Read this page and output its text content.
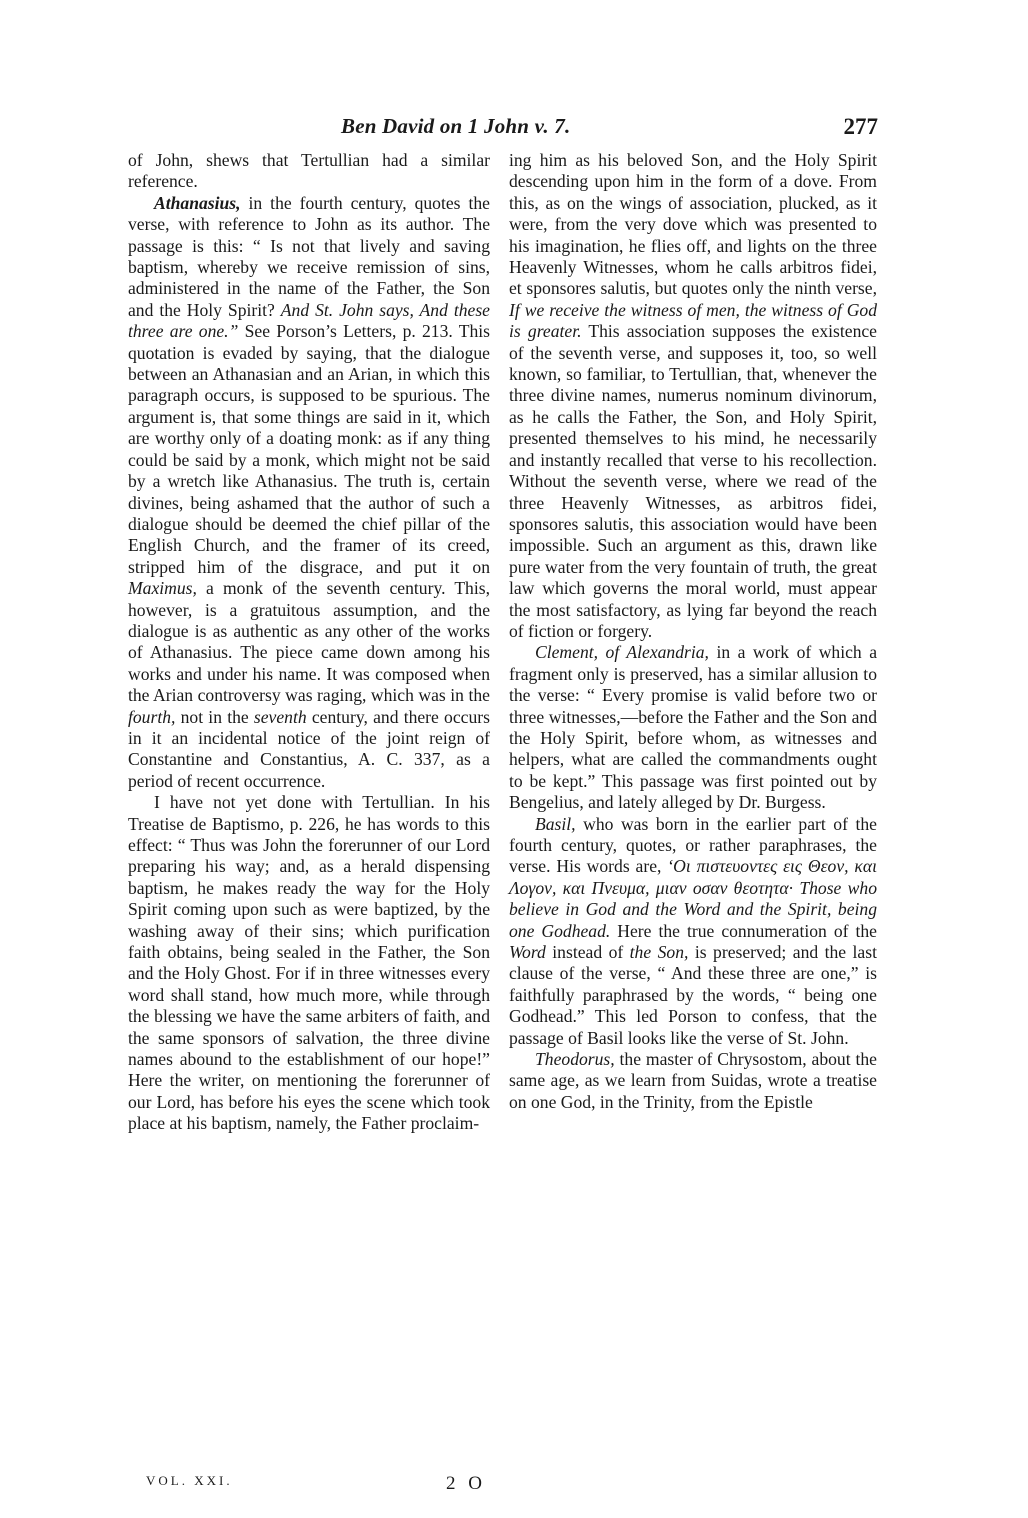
Ben David on 1 John v. 7.	277

of John, shews that Tertullian had a similar reference.

Athanasius, in the fourth century, quotes the verse, with reference to John as its author. The passage is this: “ Is not that lively and saving baptism, whereby we receive remission of sins, administered in the name of the Father, the Son and the Holy Spirit? And St. John says, And these three are one.” See Porson’s Letters, p. 213. This quotation is evaded by saying, that the dialogue between an Athanasian and an Arian, in which this paragraph occurs, is supposed to be spurious. The argument is, that some things are said in it, which are worthy only of a doating monk: as if any thing could be said by a monk, which might not be said by a wretch like Athanasius. The truth is, certain divines, being ashamed that the author of such a dialogue should be deemed the chief pillar of the English Church, and the framer of its creed, stripped him of the disgrace, and put it on Maximus, a monk of the seventh century. This, however, is a gratuitous assumption, and the dialogue is as authentic as any other of the works of Athanasius. The piece came down among his works and under his name. It was composed when the Arian controversy was raging, which was in the fourth, not in the seventh century, and there occurs in it an incidental notice of the joint reign of Constantine and Constantius, A. C. 337, as a period of recent occurrence.

I have not yet done with Tertullian. In his Treatise de Baptismo, p. 226, he has words to this effect: “ Thus was John the forerunner of our Lord preparing his way; and, as a herald dispensing baptism, he makes ready the way for the Holy Spirit coming upon such as were baptized, by the washing away of their sins; which purification faith obtains, being sealed in the Father, the Son and the Holy Ghost. For if in three witnesses every word shall stand, how much more, while through the blessing we have the same arbiters of faith, and the same sponsors of salvation, the three divine names abound to the establishment of our hope!” Here the writer, on mentioning the forerunner of our Lord, has before his eyes the scene which took place at his baptism, namely, the Father proclaim-

ing him as his beloved Son, and the Holy Spirit descending upon him in the form of a dove. From this, as on the wings of association, plucked, as it were, from the very dove which was presented to his imagination, he flies off, and lights on the three Heavenly Witnesses, whom he calls arbitros fidei, et sponsores salutis, but quotes only the ninth verse, If we receive the witness of men, the witness of God is greater. This association supposes the existence of the seventh verse, and supposes it, too, so well known, so familiar, to Tertullian, that, whenever the three divine names, numerus nominum divinorum, as he calls the Father, the Son, and Holy Spirit, presented themselves to his mind, he necessarily and instantly recalled that verse to his recollection. Without the seventh verse, where we read of the three Heavenly Witnesses, as arbitros fidei, sponsores salutis, this association would have been impossible. Such an argument as this, drawn like pure water from the very fountain of truth, the great law which governs the moral world, must appear the most satisfactory, as lying far beyond the reach of fiction or forgery.

Clement, of Alexandria, in a work of which a fragment only is preserved, has a similar allusion to the verse: “ Every promise is valid before two or three witnesses,—before the Father and the Son and the Holy Spirit, before whom, as witnesses and helpers, what are called the commandments ought to be kept.” This passage was first pointed out by Bengelius, and lately alleged by Dr. Burgess.

Basil, who was born in the earlier part of the fourth century, quotes, or rather paraphrases, the verse. His words are, ‘Οι πιστευοντες εις Θεον, και Λογον, και Πνευμα, μιαν οσαν θεοτητα· Those who believe in God and the Word and the Spirit, being one Godhead. Here the true connumeration of the Word instead of the Son, is preserved; and the last clause of the verse, “ And these three are one,” is faithfully paraphrased by the words, “ being one Godhead.” This led Porson to confess, that the passage of Basil looks like the verse of St. John.

Theodorus, the master of Chrysostom, about the same age, as we learn from Suidas, wrote a treatise on one God, in the Trinity, from the Epistle

VOL. XXI.	2 O
